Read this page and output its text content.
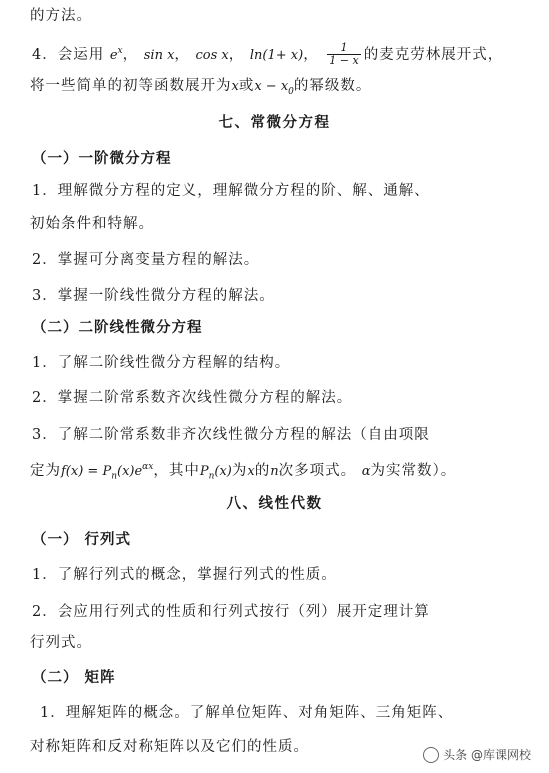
的方法。
4．会运用 $e^x$， sin x， cos x， ln(1+ x)， $\frac{1}{1 - x}$ 的麦克劳林展开式，
将一些简单的初等函数展开为x或$x - x_0$的幂级数。
七、常微分方程
（一）一阶微分方程
1．理解微分方程的定义，理解微分方程的阶、解、通解、
初始条件和特解。
2．掌握可分离变量方程的解法。
3．掌握一阶线性微分方程的解法。
（二）二阶线性微分方程
1．了解二阶线性微分方程解的结构。
2．掌握二阶常系数齐次线性微分方程的解法。
3．了解二阶常系数非齐次线性微分方程的解法（自由项限
定为$f(x) = P_n(x)e^{\alpha x}$，其中$P_n(x)$为x的n次多项式。 α为实常数）。
八、线性代数
（一） 行列式
1．了解行列式的概念，掌握行列式的性质。
2．会应用行列式的性质和行列式按行（列）展开定理计算
行列式。
（二） 矩阵
1．理解矩阵的概念。了解单位矩阵、对角矩阵、三角矩阵、
对称矩阵和反对称矩阵以及它们的性质。	头条 @库课网校
